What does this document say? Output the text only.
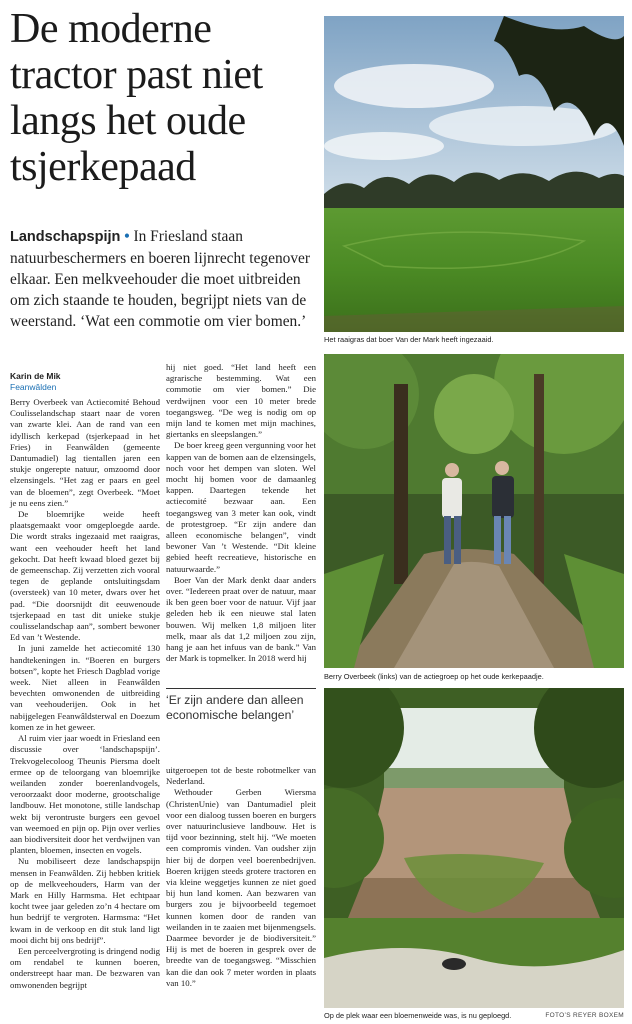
De moderne tractor past niet langs het oude tsjerkepaad

Landschapspijn • In Friesland staan natuurbeschermers en boeren lijnrecht tegenover elkaar. Een melkveehouder die moet uitbreiden om zich staande te houden, begrijpt niets van de weerstand. ‘Wat een commotie om vier bomen.’

Karin de Mik
Feanwâlden

Berry Overbeek van Actiecomité Behoud Coulisselandschap staart naar de voren van zwarte klei. Aan de rand van een idyllisch kerkepad (tsjerkepaad in het Fries) in Feanwâlden (gemeente Dantumadiel) lag tientallen jaren een stukje ongerepte natuur, omzoomd door elzensingels. “Het zag er paars en geel van de bloemen”, zegt Overbeek. “Moet je nu eens zien.”

De bloemrijke weide heeft plaatsgemaakt voor omgeploegde aarde. Die wordt straks ingezaaid met raaigras, want een veehouder heeft het land gekocht. Dat heeft kwaad bloed gezet bij de gemeenschap. Zij verzetten zich vooral tegen de geplande ontsluitingsdam (oversteek) van 10 meter, dwars over het pad. “Die doorsnijdt dit eeuwenoude tsjerkepaad en tast dit unieke stukje coulisselandschap aan”, sombert bewoner Ed van ’t Westende.

In juni zamelde het actiecomité 130 handtekeningen in. “Boeren en burgers botsen”, kopte het Friesch Dagblad vorige week. Niet alleen in Feanwâlden bevechten omwonenden de uitbreiding van veehouderijen. Ook in het nabijgelegen Feanwâldsterwal en Doezum komen ze in het geweer.

Al ruim vier jaar woedt in Friesland een discussie over ‘landschapspijn’. Trekvogelecoloog Theunis Piersma doelt ermee op de teloorgang van bloemrijke weilanden zonder boerenlandvogels, veroorzaakt door moderne, grootschalige landbouw. Het monotone, stille landschap wekt bij verontruste burgers een gevoel van weemoed en pijn op. Pijn over verlies aan biodiversiteit door het verdwijnen van planten, bloemen, insecten en vogels.

Nu mobiliseert deze landschapspijn mensen in Feanwâlden. Zij hebben kritiek op de melkveehouders, Harm van der Mark en Hilly Harmsma. Het echtpaar kocht twee jaar geleden zo’n 4 hectare om hun bedrijf te vergroten. Harmsma: “Het kwam in de verkoop en dit stuk land ligt mooi dicht bij ons bedrijf”.

Een perceelvergroting is dringend nodig om rendabel te kunnen boeren, onderstreept haar man. De bezwaren van omwonenden begrijpt

hij niet goed. “Het land heeft een agrarische bestemming. Wat een commotie om vier bomen.” Die verdwijnen voor een 10 meter brede toegangsweg. “De weg is nodig om op mijn land te komen met mijn machines, giertanks en sleepslangen.”

De boer kreeg geen vergunning voor het kappen van de bomen aan de elzensingels, noch voor het dempen van sloten. Wel mocht hij bomen voor de damaanleg kappen. Daartegen tekende het actiecomité bezwaar aan. Een toegangsweg van 3 meter kan ook, vindt de protestgroep. “Er zijn andere dan alleen economische belangen”, vindt bewoner Van ’t Westende. “Dit kleine gebied heeft recreatieve, historische en natuurwaarde.”

Boer Van der Mark denkt daar anders over. “Iedereen praat over de natuur, maar ik ben geen boer voor de natuur. Vijf jaar geleden heb ik een nieuwe stal laten bouwen. Wij melken 1,8 miljoen liter melk, maar als dat 1,2 miljoen zou zijn, hang je aan het infuus van de bank.” Van der Mark is topmelker. In 2018 werd hij

‘Er zijn andere dan alleen economische belangen’

uitgeroepen tot de beste robotmelker van Nederland.

Wethouder Gerben Wiersma (ChristenUnie) van Dantumadiel pleit voor een dialoog tussen boeren en burgers over natuurinclusieve landbouw. Het is tijd voor bezinning, stelt hij. “We moeten een compromis vinden. Van oudsher zijn hier bij de dorpen veel boerenbedrijven. Boeren krijgen steeds grotere tractoren en via kleine weggetjes kunnen ze niet goed bij hun land komen. Aan bezwaren van burgers zou je bijvoorbeeld tegemoet kunnen komen door de randen van weilanden in te zaaien met bijenmengsels. Daarmee bevorder je de biodiversiteit.” Hij is met de boeren in gesprek over de breedte van de toegangsweg. “Misschien kan die dan ook 7 meter worden in plaats van 10.”

Het raaigras dat boer Van der Mark heeft ingezaaid.
Berry Overbeek (links) van de actiegroep op het oude kerkepaadje.
Op de plek waar een bloemenweide was, is nu geploegd.	FOTO’S REYER BOXEM
